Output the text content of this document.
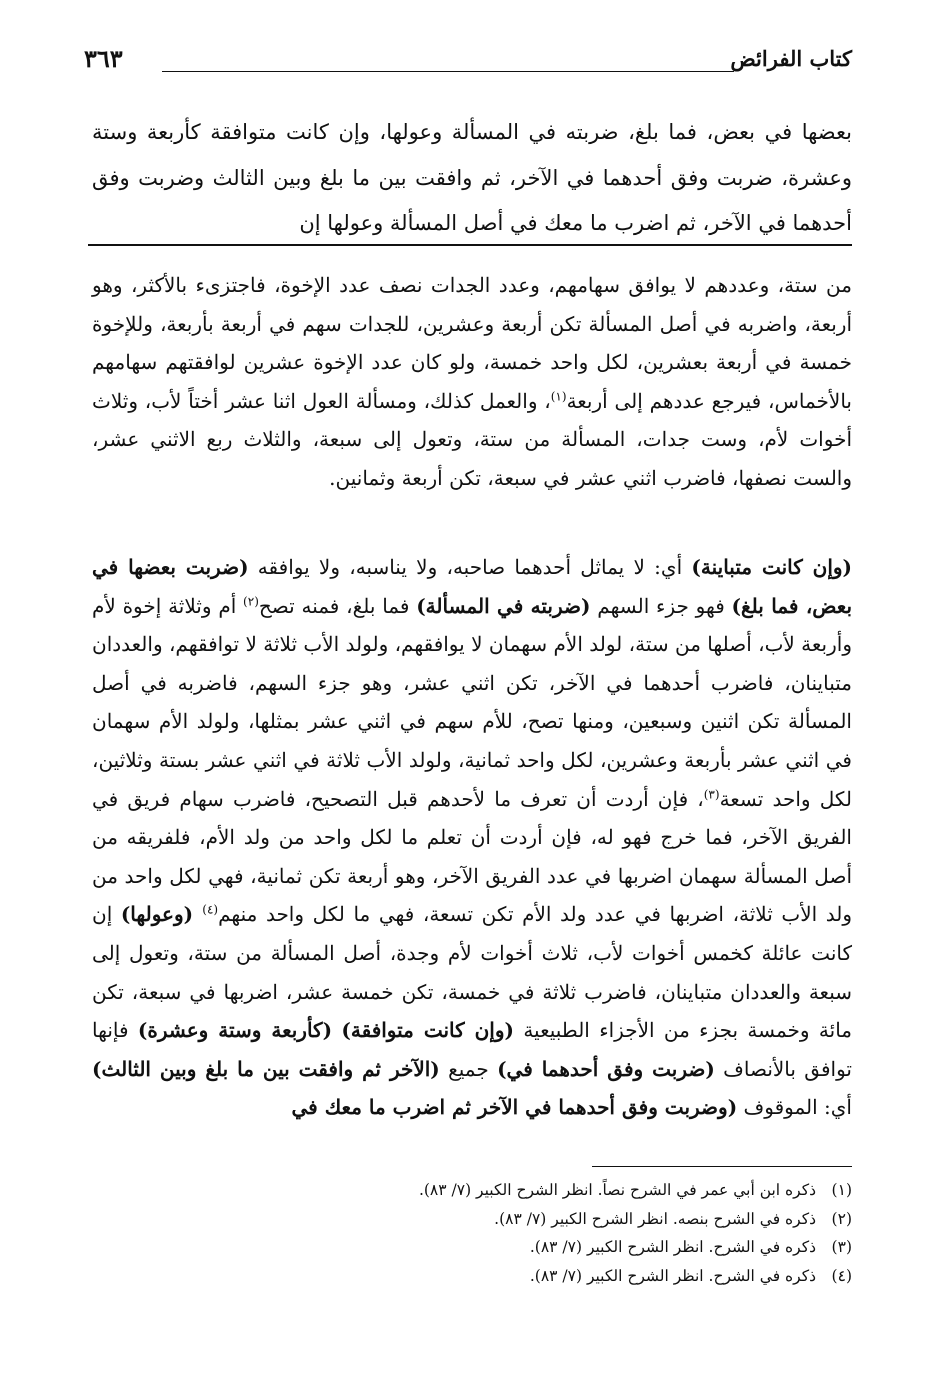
كتاب الفرائض
٣٦٣

بعضها في بعض، فما بلغ، ضربته في المسألة وعولها، وإن كانت متوافقة كأربعة وستة وعشرة، ضربت وفق أحدهما في الآخر، ثم وافقت بين ما بلغ وبين الثالث وضربت وفق أحدهما في الآخر، ثم اضرب ما معك في أصل المسألة وعولها إن

من ستة، وعددهم لا يوافق سهامهم، وعدد الجدات نصف عدد الإخوة، فاجتزىء بالأكثر، وهو أربعة، واضربه في أصل المسألة تكن أربعة وعشرين، للجدات سهم في أربعة بأربعة، وللإخوة خمسة في أربعة بعشرين، لكل واحد خمسة، ولو كان عدد الإخوة عشرين لوافقتهم سهامهم بالأخماس، فيرجع عددهم إلى أربعة$^{(١)}$، والعمل كذلك، ومسألة العول اثنا عشر أختاً لأب، وثلاث أخوات لأم، وست جدات، المسألة من ستة، وتعول إلى سبعة، والثلاث ربع الاثني عشر، والست نصفها، فاضرب اثني عشر في سبعة، تكن أربعة وثمانين.

(وإن كانت متباينة) أي: لا يماثل أحدهما صاحبه، ولا يناسبه، ولا يوافقه (ضربت بعضها في بعض، فما بلغ) فهو جزء السهم (ضربته في المسألة) فما بلغ، فمنه تصح$^{(٢)}$ أم وثلاثة إخوة لأم وأربعة لأب، أصلها من ستة، لولد الأم سهمان لا يوافقهم، ولولد الأب ثلاثة لا توافقهم، والعددان متباينان، فاضرب أحدهما في الآخر، تكن اثني عشر، وهو جزء السهم، فاضربه في أصل المسألة تكن اثنين وسبعين، ومنها تصح، للأم سهم في اثني عشر بمثلها، ولولد الأم سهمان في اثني عشر بأربعة وعشرين، لكل واحد ثمانية، ولولد الأب ثلاثة في اثني عشر بستة وثلاثين، لكل واحد تسعة$^{(٣)}$، فإن أردت أن تعرف ما لأحدهم قبل التصحيح، فاضرب سهام فريق في الفريق الآخر، فما خرج فهو له، فإن أردت أن تعلم ما لكل واحد من ولد الأم، فلفريقه من أصل المسألة سهمان اضربها في عدد الفريق الآخر، وهو أربعة تكن ثمانية، فهي لكل واحد من ولد الأب ثلاثة، اضربها في عدد ولد الأم تكن تسعة، فهي ما لكل واحد منهم$^{(٤)}$ (وعولها) إن كانت عائلة كخمس أخوات لأب، ثلاث أخوات لأم وجدة، أصل المسألة من ستة، وتعول إلى سبعة والعددان متباينان، فاضرب ثلاثة في خمسة، تكن خمسة عشر، اضربها في سبعة، تكن مائة وخمسة بجزء من الأجزاء الطبيعية (وإن كانت متوافقة) (كأربعة وستة وعشرة) فإنها توافق بالأنصاف (ضربت وفق أحدهما في) جميع (الآخر ثم وافقت بين ما بلغ وبين الثالث) أي: الموقوف (وضربت وفق أحدهما في الآخر ثم اضرب ما معك في

(١)
ذكره ابن أبي عمر في الشرح نصاً. انظر الشرح الكبير (٧/ ٨٣).
(٢)
ذكره في الشرح بنصه. انظر الشرح الكبير (٧/ ٨٣).
(٣)
ذكره في الشرح. انظر الشرح الكبير (٧/ ٨٣).
(٤)
ذكره في الشرح. انظر الشرح الكبير (٧/ ٨٣).
